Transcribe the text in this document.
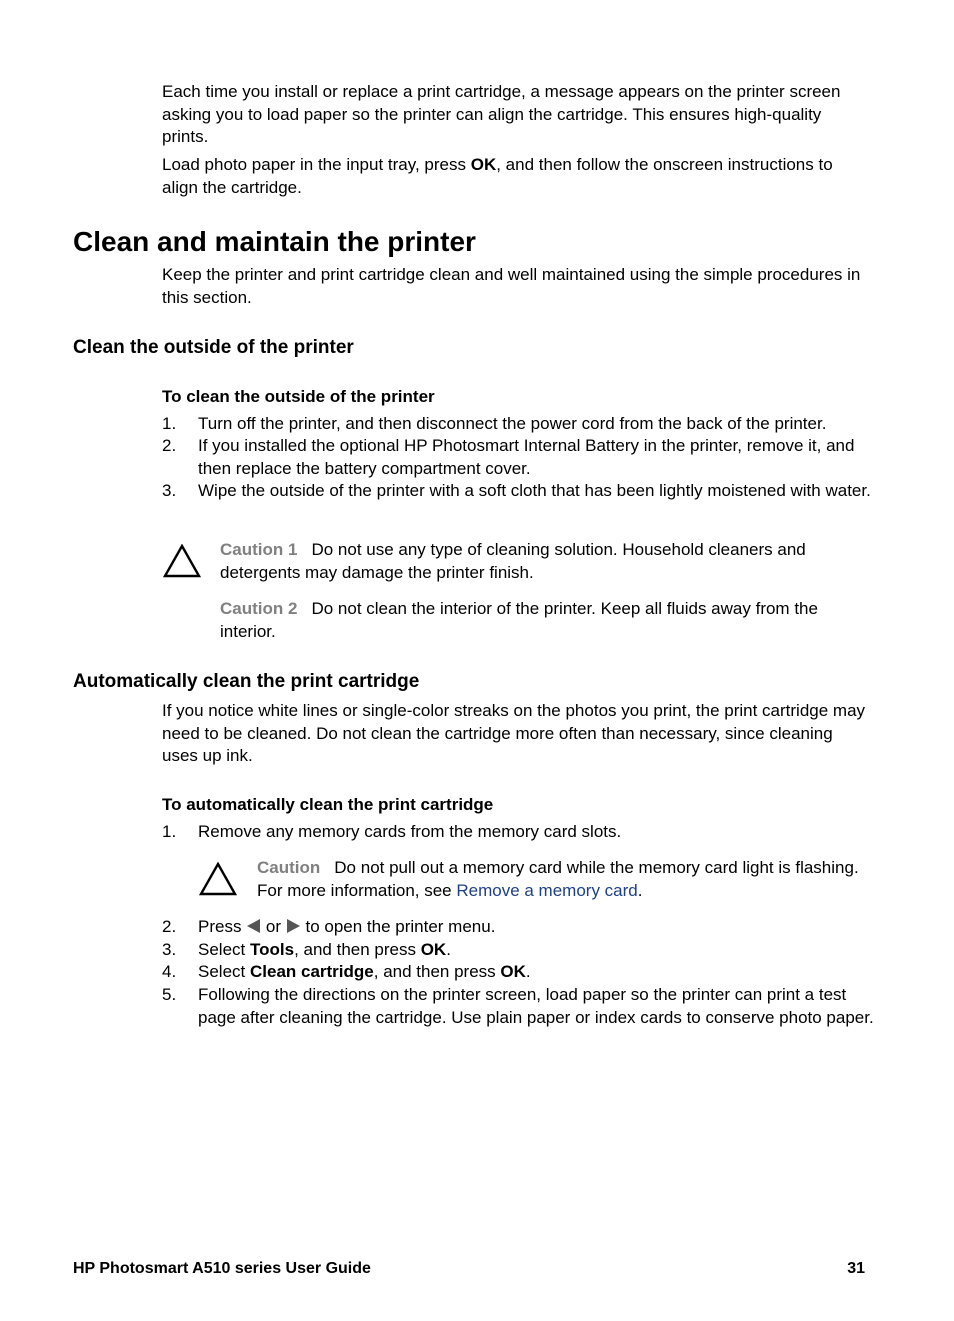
Each time you install or replace a print cartridge, a message appears on the printer screen asking you to load paper so the printer can align the cartridge. This ensures high-quality prints.
Load photo paper in the input tray, press OK, and then follow the onscreen instructions to align the cartridge.
Clean and maintain the printer
Keep the printer and print cartridge clean and well maintained using the simple procedures in this section.
Clean the outside of the printer
To clean the outside of the printer
1. Turn off the printer, and then disconnect the power cord from the back of the printer.
2. If you installed the optional HP Photosmart Internal Battery in the printer, remove it, and then replace the battery compartment cover.
3. Wipe the outside of the printer with a soft cloth that has been lightly moistened with water.
Caution 1 Do not use any type of cleaning solution. Household cleaners and detergents may damage the printer finish.
Caution 2 Do not clean the interior of the printer. Keep all fluids away from the interior.
Automatically clean the print cartridge
If you notice white lines or single-color streaks on the photos you print, the print cartridge may need to be cleaned. Do not clean the cartridge more often than necessary, since cleaning uses up ink.
To automatically clean the print cartridge
1. Remove any memory cards from the memory card slots.
Caution Do not pull out a memory card while the memory card light is flashing. For more information, see Remove a memory card.
2. Press  or  to open the printer menu.
3. Select Tools, and then press OK.
4. Select Clean cartridge, and then press OK.
5. Following the directions on the printer screen, load paper so the printer can print a test page after cleaning the cartridge. Use plain paper or index cards to conserve photo paper.
HP Photosmart A510 series User Guide	31
